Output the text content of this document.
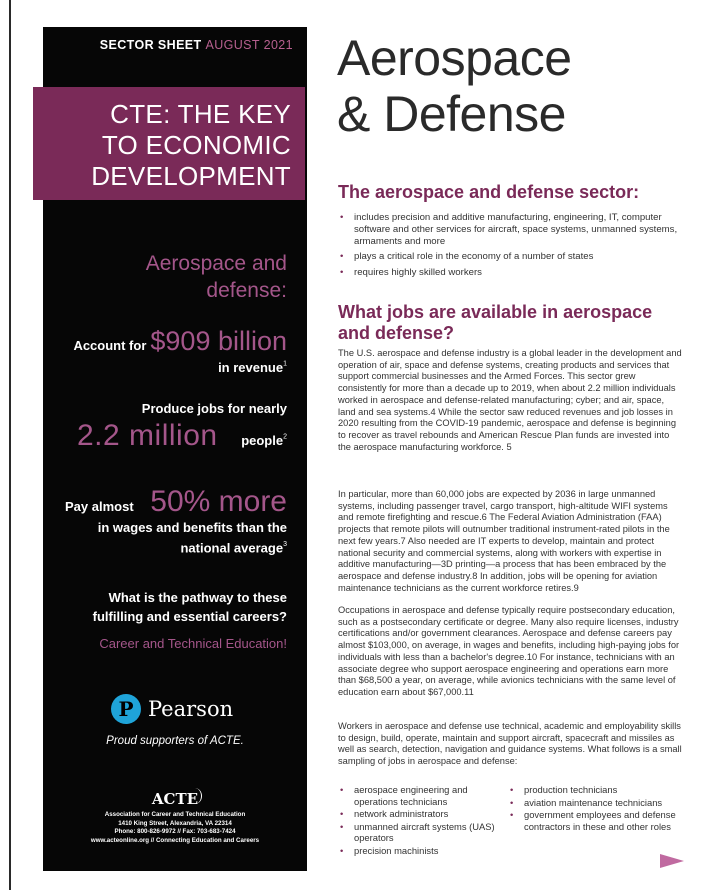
SECTOR SHEET AUGUST 2021
CTE: THE KEY
TO ECONOMIC
DEVELOPMENT
Aerospace and
defense:
Account for $909 billion
in revenue$^1$
Produce jobs for nearly
2.2 million people$^2$
Pay almost 50% more
in wages and benefits than the
national average$^3$
What is the pathway to these
fulfilling and essential careers?
Career and Technical Education!
P Pearson
Proud supporters of ACTE.
ACTE
Association for Career and Technical Education
1410 King Street, Alexandria, VA 22314
Phone: 800-826-9972 // Fax: 703-683-7424
www.acteonline.org // Connecting Education and Careers
Aerospace
& Defense
The aerospace and defense sector:
• includes precision and additive manufacturing, engineering, IT, computer software and other services for aircraft, space systems, unmanned systems, armaments and more
• plays a critical role in the economy of a number of states
• requires highly skilled workers
What jobs are available in aerospace
and defense?

The U.S. aerospace and defense industry is a global leader in the development and operation of air, space and defense systems, creating products and services that support commercial businesses and the Armed Forces. This sector grew consistently for more than a decade up to 2019, when about 2.2 million individuals worked in aerospace and defense-related manufacturing; cyber; and air, space, land and sea systems.4 While the sector saw reduced revenues and job losses in 2020 resulting from the COVID-19 pandemic, aerospace and defense is beginning to recover as travel rebounds and American Rescue Plan funds are invested into the aerospace manufacturing workforce. 5

In particular, more than 60,000 jobs are expected by 2036 in large unmanned systems, including passenger travel, cargo transport, high-altitude WIFI systems and remote firefighting and rescue.6 The Federal Aviation Administration (FAA) projects that remote pilots will outnumber traditional instrument-rated pilots in the next few years.7 Also needed are IT experts to develop, maintain and protect national security and commercial systems, along with workers with expertise in additive manufacturing—3D printing—a process that has been embraced by the aerospace and defense industry.8 In addition, jobs will be opening for aviation maintenance technicians as the current workforce retires.9

Occupations in aerospace and defense typically require postsecondary education, such as a postsecondary certificate or degree. Many also require licenses, industry certifications and/or government clearances. Aerospace and defense careers pay almost $103,000, on average, in wages and benefits, including high-paying jobs for individuals with less than a bachelor's degree.10 For instance, technicians with an associate degree who support aerospace engineering and operations earn more than $68,500 a year, on average, while avionics technicians with the same level of education earn about $67,000.11

Workers in aerospace and defense use technical, academic and employability skills to design, build, operate, maintain and support aircraft, spacecraft and missiles as well as search, detection, navigation and guidance systems. What follows is a small sampling of jobs in aerospace and defense:

• aerospace engineering and operations technicians
• network administrators
• unmanned aircraft systems (UAS) operators
• precision machinists
• production technicians
• aviation maintenance technicians
• government employees and defense contractors in these and other roles
